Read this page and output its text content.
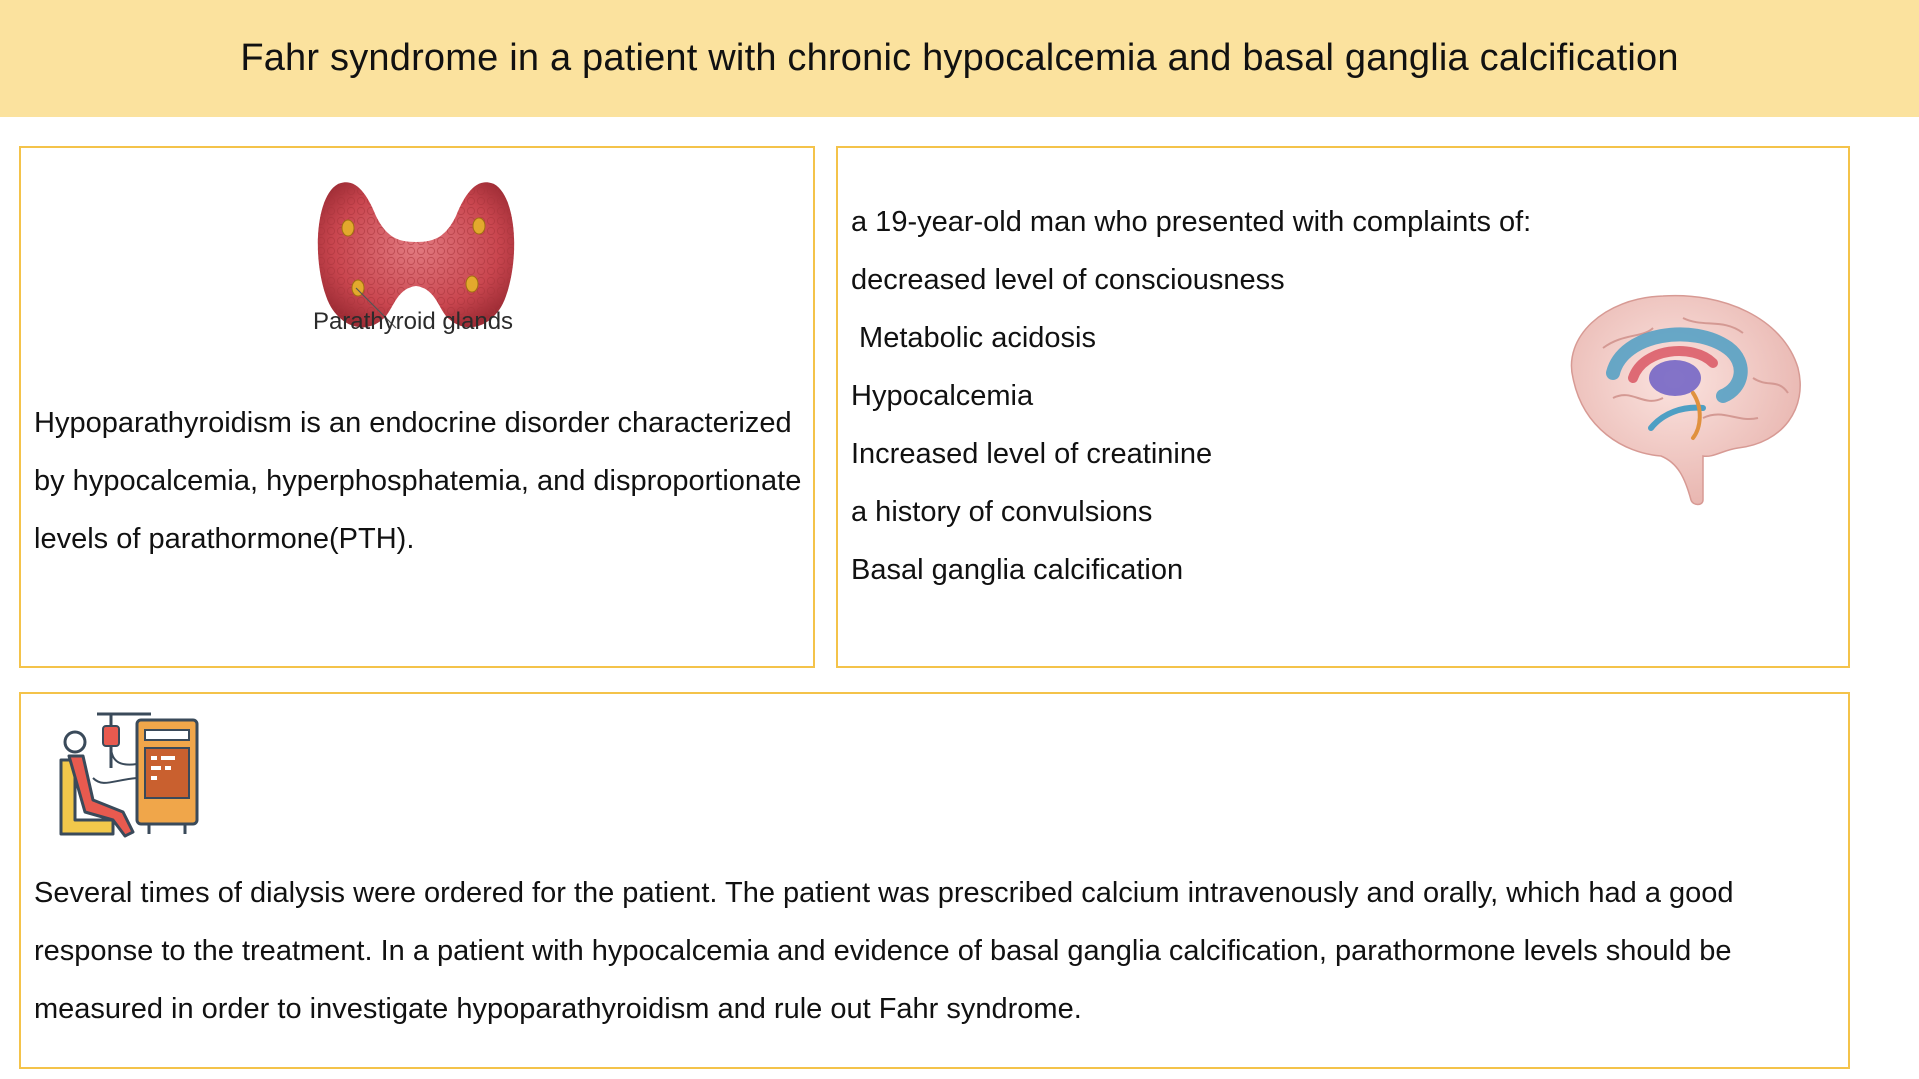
Fahr syndrome in a patient with chronic hypocalcemia and basal ganglia calcification
Parathyroid glands

Hypoparathyroidism is an endocrine disorder characterized by hypocalcemia, hyperphosphatemia, and disproportionate levels of parathormone(PTH).

a 19-year-old man who presented with complaints of:
decreased level of consciousness
Metabolic acidosis
Hypocalcemia
Increased level of creatinine
a history of convulsions
Basal ganglia calcification

Several times of dialysis were ordered for the patient. The patient was prescribed calcium intravenously and orally, which had a good response to the treatment. In a patient with hypocalcemia and evidence of basal ganglia calcification, parathormone levels should be measured in order to investigate hypoparathyroidism and rule out Fahr syndrome.
